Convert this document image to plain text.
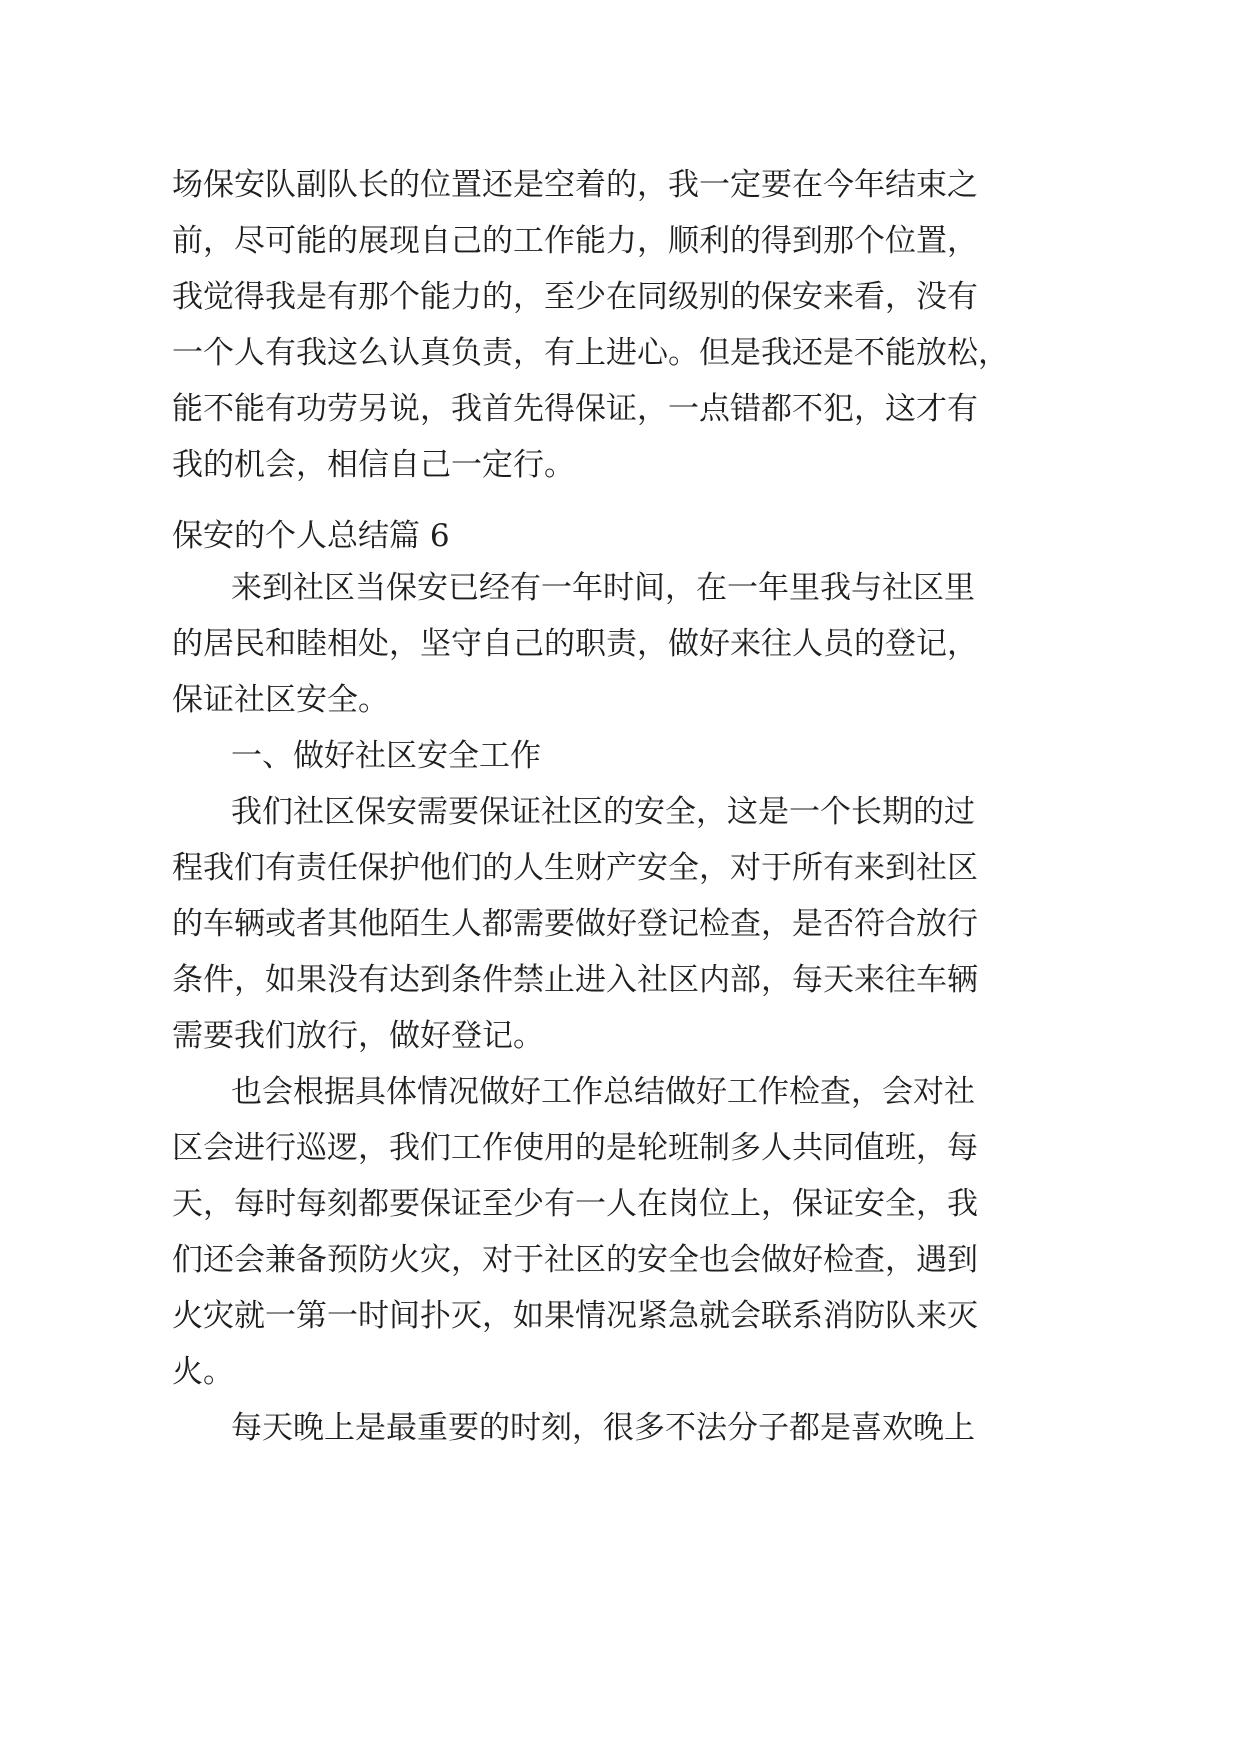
场保安队副队长的位置还是空着的，我一定要在今年结束之
前，尽可能的展现自己的工作能力，顺利的得到那个位置，
我觉得我是有那个能力的，至少在同级别的保安来看，没有
一个人有我这么认真负责，有上进心。但是我还是不能放松，
能不能有功劳另说，我首先得保证，一点错都不犯，这才有
我的机会，相信自己一定行。
保安的个人总结篇 6
来到社区当保安已经有一年时间，在一年里我与社区里
的居民和睦相处，坚守自己的职责，做好来往人员的登记，
保证社区安全。
一、做好社区安全工作
我们社区保安需要保证社区的安全，这是一个长期的过
程我们有责任保护他们的人生财产安全，对于所有来到社区
的车辆或者其他陌生人都需要做好登记检查，是否符合放行
条件，如果没有达到条件禁止进入社区内部，每天来往车辆
需要我们放行，做好登记。
也会根据具体情况做好工作总结做好工作检查，会对社
区会进行巡逻，我们工作使用的是轮班制多人共同值班，每
天，每时每刻都要保证至少有一人在岗位上，保证安全，我
们还会兼备预防火灾，对于社区的安全也会做好检查，遇到
火灾就一第一时间扑灭，如果情况紧急就会联系消防队来灭
火。
每天晚上是最重要的时刻，很多不法分子都是喜欢晚上
